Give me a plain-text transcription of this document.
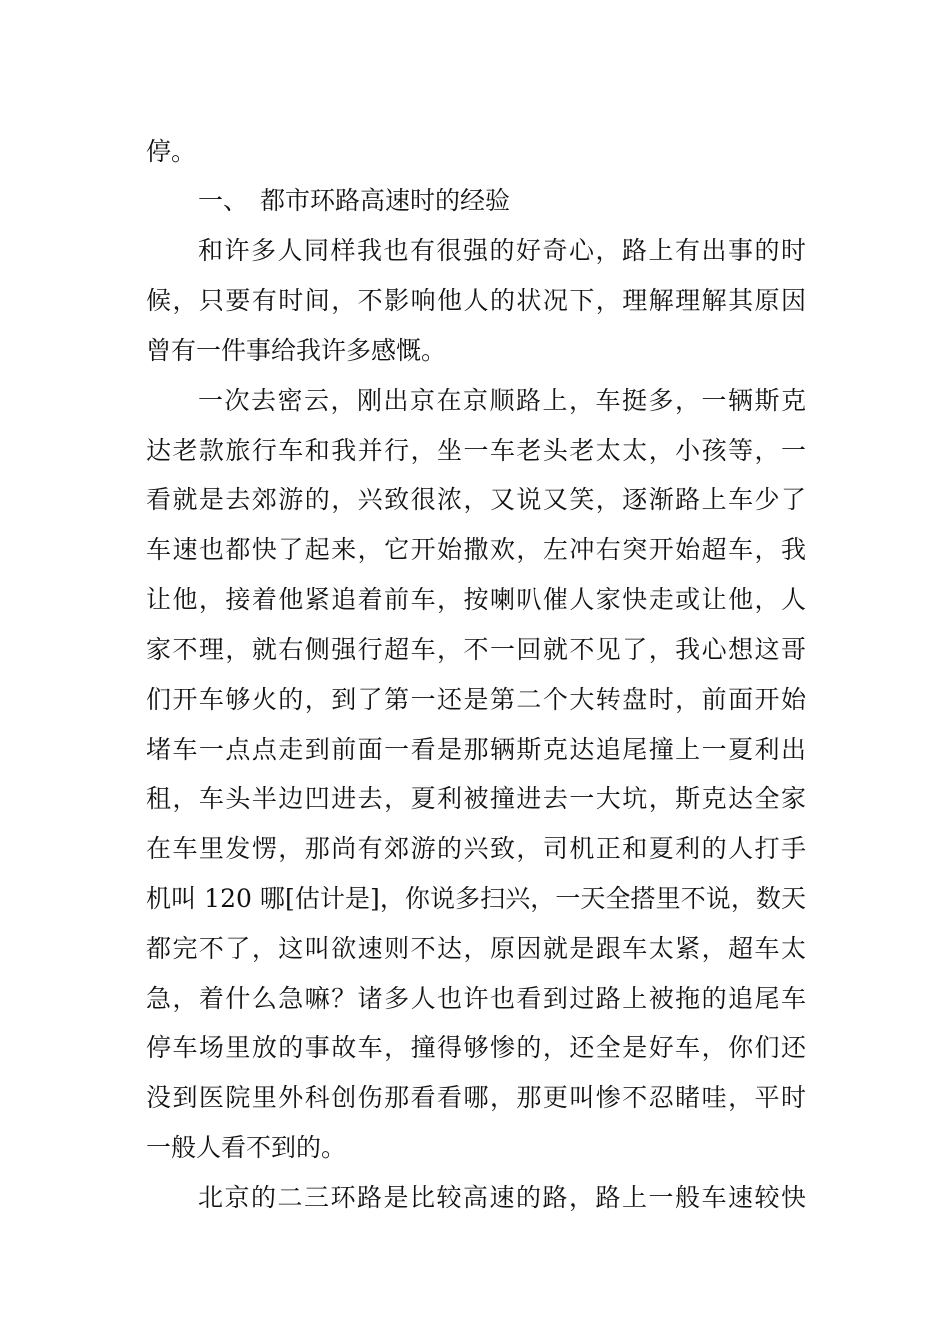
停。
一、 都市环路高速时的经验
和许多人同样我也有很强的好奇心，路上有出事的时
候，只要有时间，不影响他人的状况下，理解理解其原因
曾有一件事给我许多感慨。
一次去密云，刚出京在京顺路上，车挺多，一辆斯克
达老款旅行车和我并行，坐一车老头老太太，小孩等，一
看就是去郊游的，兴致很浓，又说又笑，逐渐路上车少了
车速也都快了起来，它开始撒欢，左冲右突开始超车，我
让他，接着他紧追着前车，按喇叭催人家快走或让他，人
家不理，就右侧强行超车，不一回就不见了，我心想这哥
们开车够火的，到了第一还是第二个大转盘时，前面开始
堵车一点点走到前面一看是那辆斯克达追尾撞上一夏利出
租，车头半边凹进去，夏利被撞进去一大坑，斯克达全家
在车里发愣，那尚有郊游的兴致，司机正和夏利的人打手
机叫 120 哪[估计是]，你说多扫兴，一天全搭里不说，数天
都完不了，这叫欲速则不达，原因就是跟车太紧，超车太
急，着什么急嘛？诸多人也许也看到过路上被拖的追尾车
停车场里放的事故车，撞得够惨的，还全是好车，你们还
没到医院里外科创伤那看看哪，那更叫惨不忍睹哇，平时
一般人看不到的。
北京的二三环路是比较高速的路，路上一般车速较快
